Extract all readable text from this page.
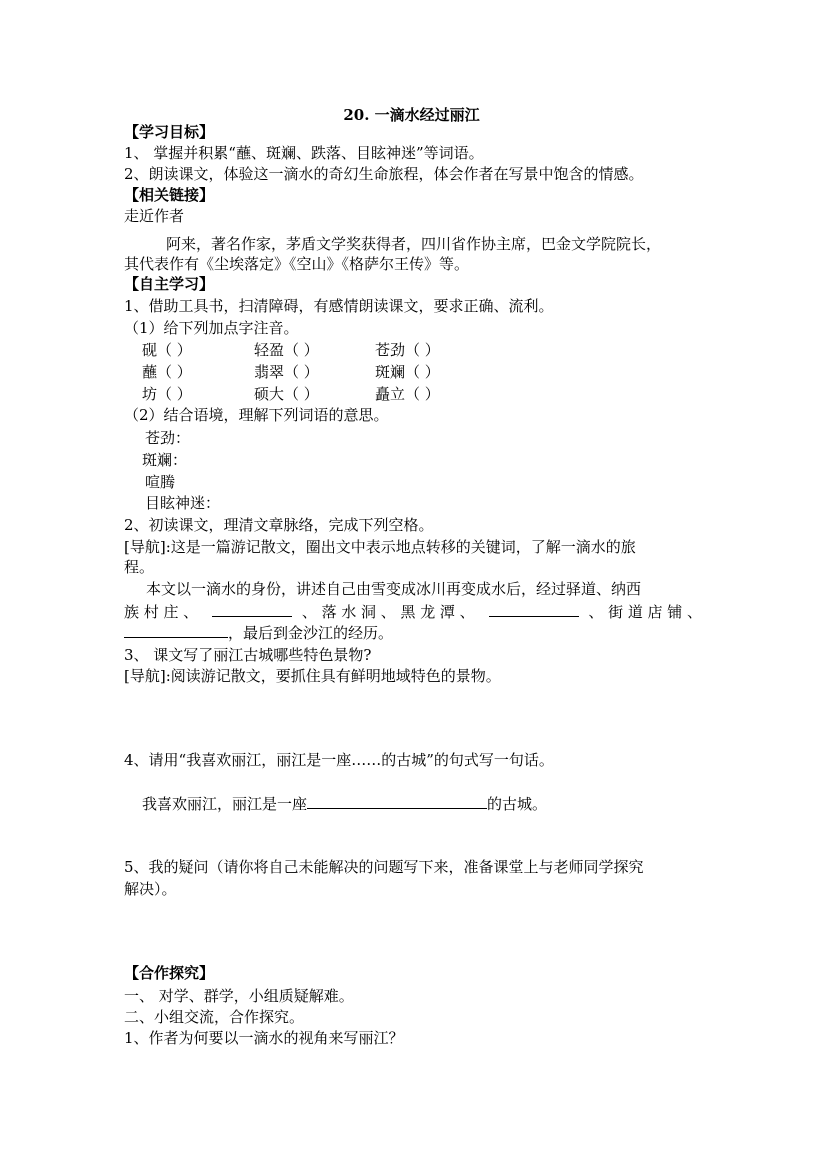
20. 一滴水经过丽江
【学习目标】
1、 掌握并积累“蘸、斑斓、跌落、目眩神迷”等词语。
2、朗读课文，体验这一滴水的奇幻生命旅程，体会作者在写景中饱含的情感。
【相关链接】
走近作者
阿来，著名作家，茅盾文学奖获得者，四川省作协主席，巴金文学院院长，
其代表作有《尘埃落定》《空山》《格萨尔王传》等。
【自主学习】
1、借助工具书，扫清障碍，有感情朗读课文，要求正确、流利。
（1）给下列加点字注音。
砚（ ）	轻盈（ ）	苍劲（ ）
蘸（ ）	翡翠（ ）	斑斓（ ）
坊（ ）	硕大（ ）	矗立（ ）
（2）结合语境，理解下列词语的意思。
苍劲：
斑斓：
喧腾
目眩神迷：
2、初读课文，理清文章脉络，完成下列空格。
[导航]:这是一篇游记散文，圈出文中表示地点转移的关键词，了解一滴水的旅
程。
本文以一滴水的身份，讲述自己由雪变成冰川再变成水后，经过驿道、纳西
族村庄、	、落水洞、黑龙潭、	、街道店铺、
，最后到金沙江的经历。
3、 课文写了丽江古城哪些特色景物?
[导航]:阅读游记散文，要抓住具有鲜明地域特色的景物。
4、请用“我喜欢丽江，丽江是一座……的古城”的句式写一句话。
我喜欢丽江，丽江是一座	的古城。
5、我的疑问（请你将自己未能解决的问题写下来，准备课堂上与老师同学探究
解决）。
【合作探究】
一、 对学、群学，小组质疑解难。
二、小组交流，合作探究。
1、作者为何要以一滴水的视角来写丽江？
